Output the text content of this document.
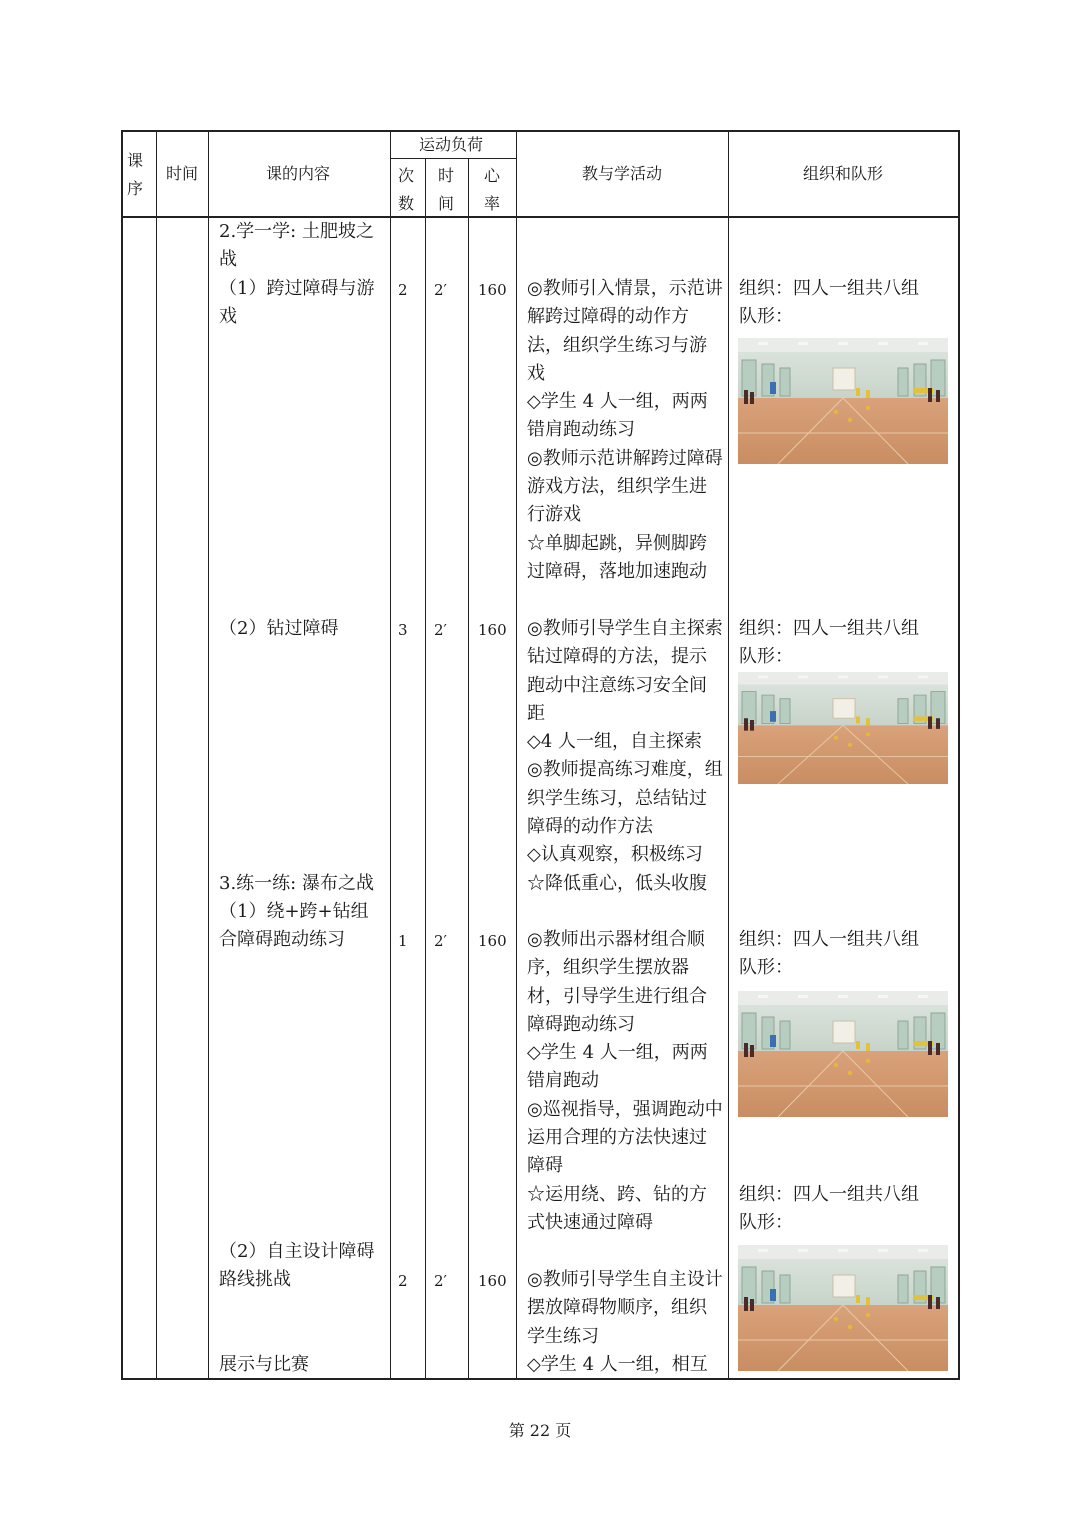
课序
时间	课的内容
运动负荷
次数
时间
心率
教与学活动	组织和队形
2.学一学: 土肥坡之战
（1）跨过障碍与游戏
（2）钻过障碍
3.练一练: 瀑布之战
（1）绕+跨+钻组合障碍跑动练习
（2）自主设计障碍路线挑战
展示与比赛
2 2′ 160 ◎教师引入情景，示范讲解跨过障碍的动作方法，组织学生练习与游戏
◇学生 4 人一组，两两错肩跑动练习
◎教师示范讲解跨过障碍游戏方法，组织学生进行游戏
☆单脚起跳，异侧脚跨过障碍，落地加速跑动
组织：四人一组共八组
队形：
3 2′ 160 ◎教师引导学生自主探索钻过障碍的方法，提示跑动中注意练习安全间距
◇4 人一组，自主探索
◎教师提高练习难度，组织学生练习，总结钻过障碍的动作方法
◇认真观察，积极练习
☆降低重心，低头收腹
组织：四人一组共八组
队形：
1 2′ 160 ◎教师出示器材组合顺序，组织学生摆放器材，引导学生进行组合障碍跑动练习
◇学生 4 人一组，两两错肩跑动
◎巡视指导，强调跑动中运用合理的方法快速过障碍
☆运用绕、跨、钻的方式快速通过障碍
组织：四人一组共八组
队形：
2 2′ 160 ◎教师引导学生自主设计摆放障碍物顺序，组织学生练习
◇学生 4 人一组，相互
组织：四人一组共八组
队形：
第 22 页
